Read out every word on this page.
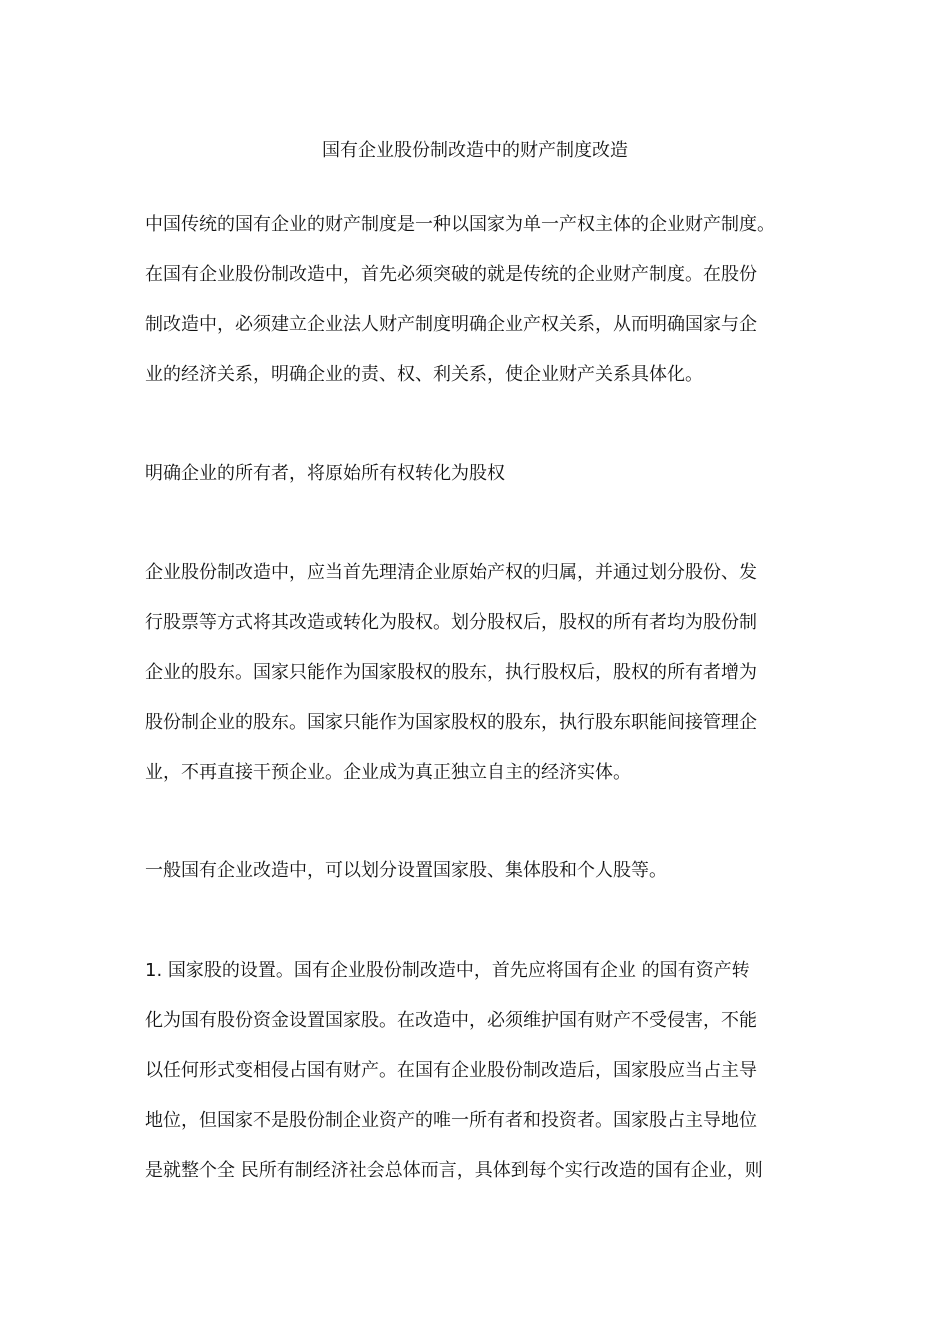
国有企业股份制改造中的财产制度改造
中国传统的国有企业的财产制度是一种以国家为单一产权主体的企业财产制度。
在国有企业股份制改造中，首先必须突破的就是传统的企业财产制度。在股份
制改造中，必须建立企业法人财产制度明确企业产权关系，从而明确国家与企
业的经济关系，明确企业的责、权、利关系，使企业财产关系具体化。
明确企业的所有者，将原始所有权转化为股权
企业股份制改造中，应当首先理清企业原始产权的归属，并通过划分股份、发
行股票等方式将其改造或转化为股权。划分股权后，股权的所有者均为股份制
企业的股东。国家只能作为国家股权的股东，执行股权后，股权的所有者增为
股份制企业的股东。国家只能作为国家股权的股东，执行股东职能间接管理企
业，不再直接干预企业。企业成为真正独立自主的经济实体。
一般国有企业改造中，可以划分设置国家股、集体股和个人股等。
1. 国家股的设置。国有企业股份制改造中，首先应将国有企业 的国有资产转
化为国有股份资金设置国家股。在改造中，必须维护国有财产不受侵害，不能
以任何形式变相侵占国有财产。在国有企业股份制改造后，国家股应当占主导
地位，但国家不是股份制企业资产的唯一所有者和投资者。国家股占主导地位
是就整个全 民所有制经济社会总体而言，具体到每个实行改造的国有企业，则
